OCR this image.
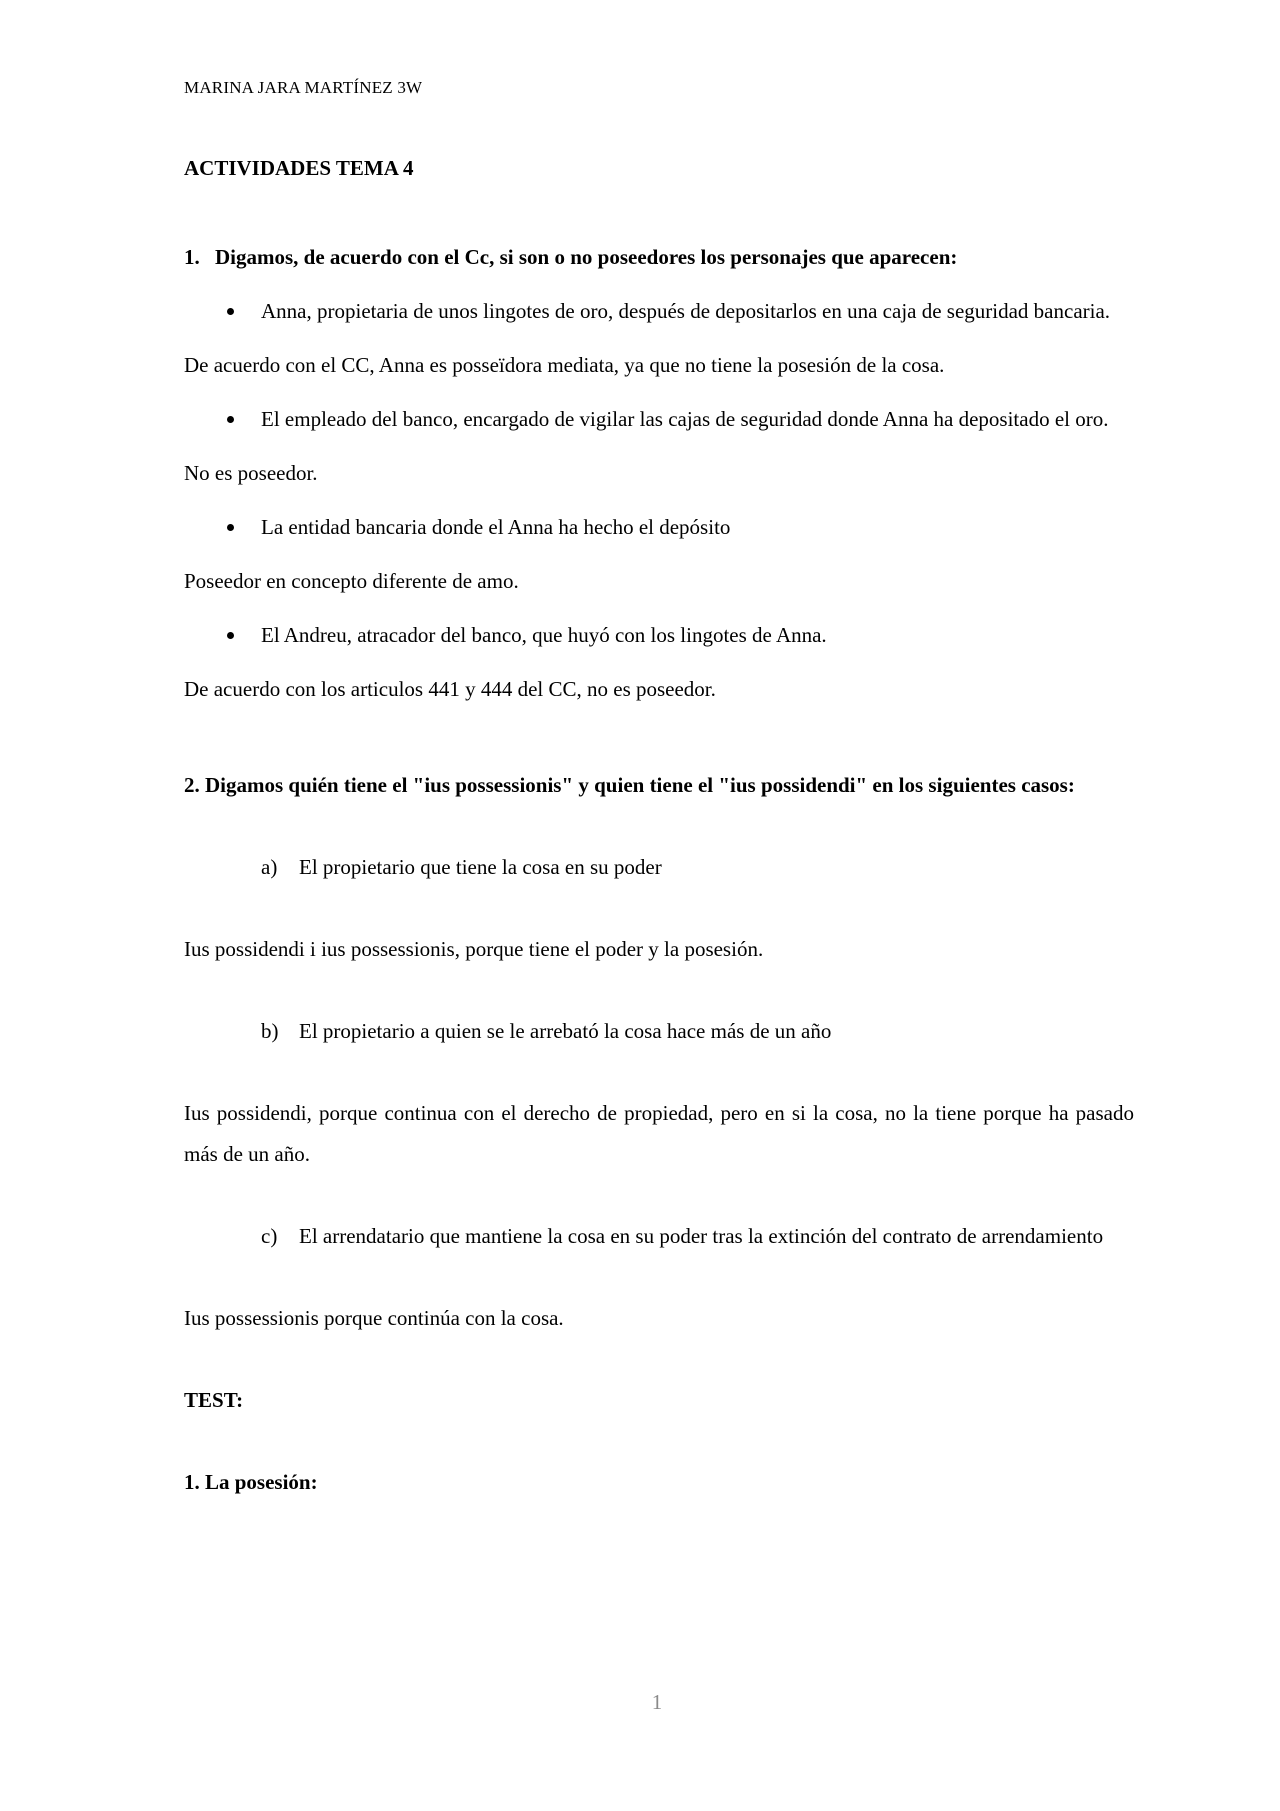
MARINA JARA MARTÍNEZ 3W
ACTIVIDADES TEMA 4
1. Digamos, de acuerdo con el Cc, si son o no poseedores los personajes que aparecen:
Anna, propietaria de unos lingotes de oro, después de depositarlos en una caja de seguridad bancaria.
De acuerdo con el CC, Anna es posseïdora mediata, ya que no tiene la posesión de la cosa.
El empleado del banco, encargado de vigilar las cajas de seguridad donde Anna ha depositado el oro.
No es poseedor.
La entidad bancaria donde el Anna ha hecho el depósito
Poseedor en concepto diferente de amo.
El Andreu, atracador del banco, que huyó con los lingotes de Anna.
De acuerdo con los articulos 441 y 444 del CC, no es poseedor.
2. Digamos quién tiene el "ius possessionis" y quien tiene el "ius possidendi" en los siguientes casos:
a)	El propietario que tiene la cosa en su poder
Ius possidendi i ius possessionis, porque tiene el poder y la posesión.
b) El propietario a quien se le arrebató la cosa hace más de un año
Ius possidendi, porque continua con el derecho de propiedad, pero en si la cosa, no la tiene porque ha pasado más de un año.
c)	El arrendatario que mantiene la cosa en su poder tras la extinción del contrato de arrendamiento
Ius possessionis porque continúa con la cosa.
TEST:
1. La posesión:
1
